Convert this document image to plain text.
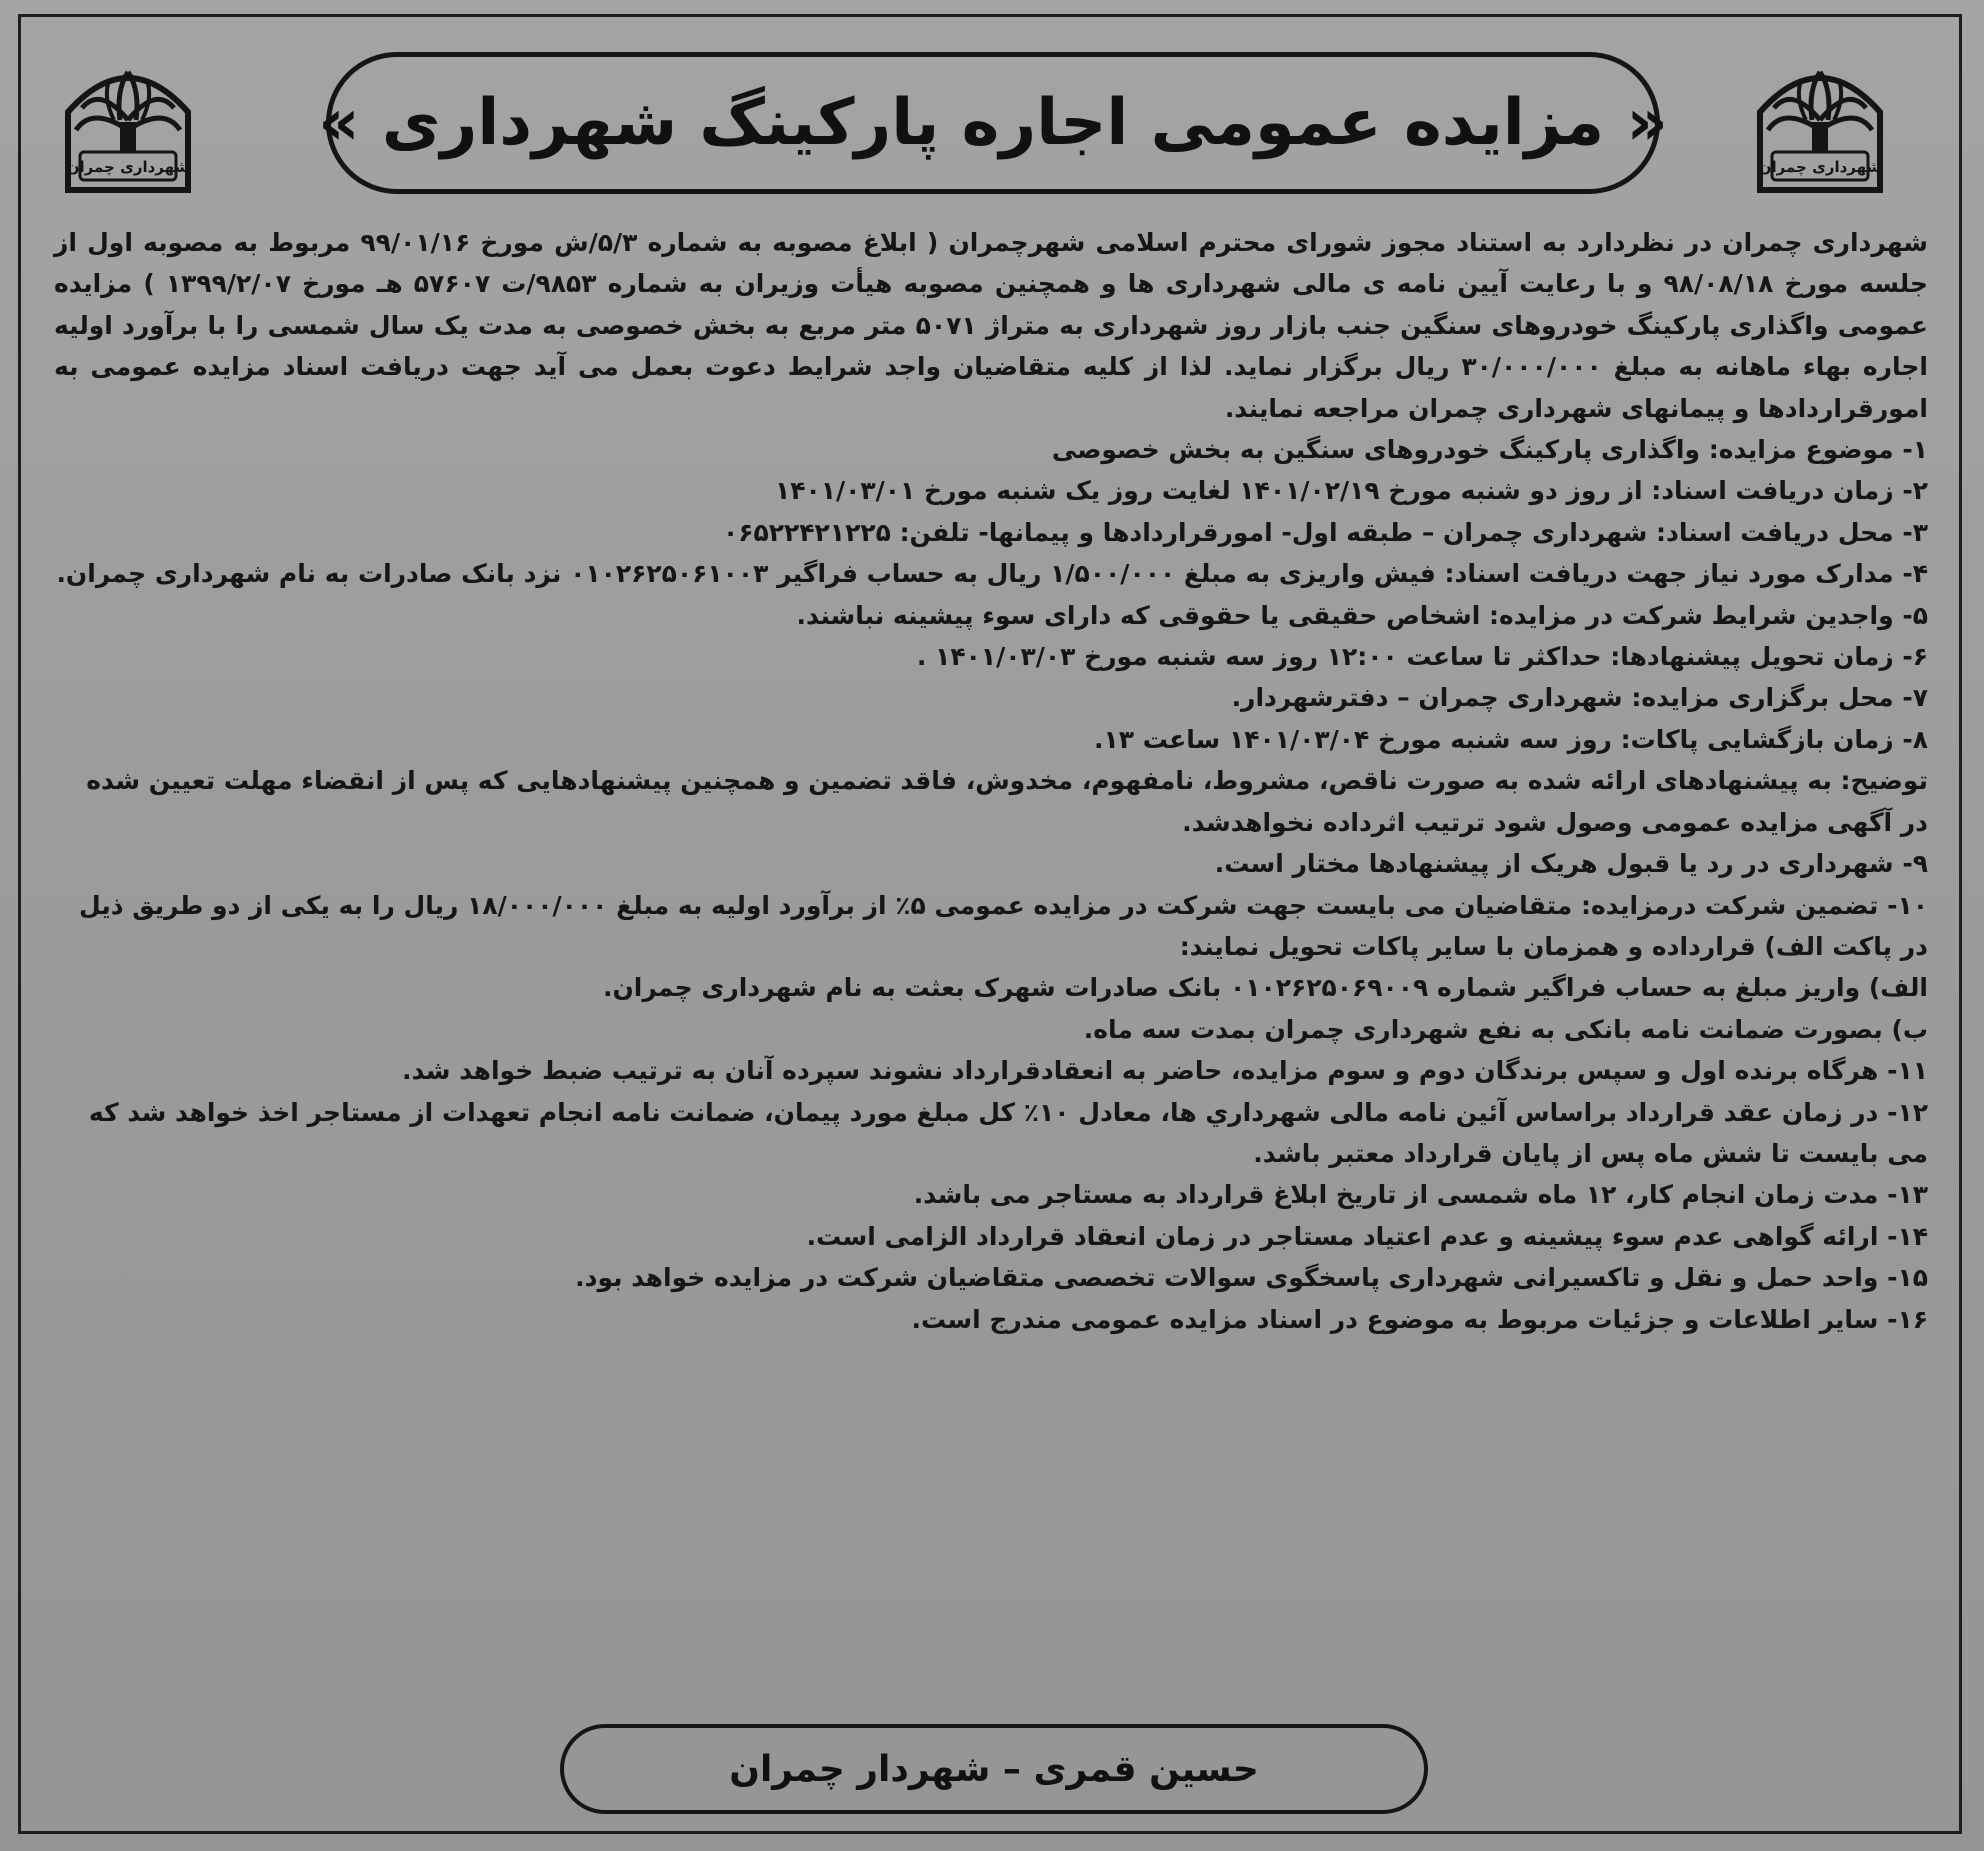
شهرداری چمران	شهرداری چمران
« مزایده عمومی اجاره پارکینگ شهرداری »

شهرداری چمران در نظردارد به استناد مجوز شورای محترم اسلامی شهرچمران ( ابلاغ مصوبه به شماره ۵/۳/ش مورخ ۹۹/۰۱/۱۶ مربوط به مصوبه اول از جلسه مورخ ۹۸/۰۸/۱۸ و با رعایت آیین نامه ی مالی شهرداری ها و همچنین مصوبه هیأت وزیران به شماره ۹۸۵۳/ت ۵۷۶۰۷ هـ مورخ ۱۳۹۹/۲/۰۷ ) مزایده عمومی واگذاری پارکینگ خودروهای سنگین جنب بازار روز شهرداری به متراژ ۵۰۷۱ متر مربع به بخش خصوصی به مدت یک سال شمسی را با برآورد اولیه اجاره بهاء ماهانه به مبلغ ۳۰/۰۰۰/۰۰۰ ریال برگزار نماید. لذا از کلیه متقاضیان واجد شرایط دعوت بعمل می آید جهت دریافت اسناد مزایده عمومی به امورقراردادها و پیمانهای شهرداری چمران مراجعه نمایند.

۱- موضوع مزایده: واگذاری پارکینگ خودروهای سنگین به بخش خصوصی

۲- زمان دریافت اسناد: از روز دو شنبه مورخ ۱۴۰۱/۰۲/۱۹ لغایت روز یک شنبه مورخ ۱۴۰۱/۰۳/۰۱

۳- محل دریافت اسناد: شهرداری چمران – طبقه اول- امورقراردادها و پیمانها- تلفن: ۰۶۵۲۲۴۲۱۲۲۵

۴- مدارک مورد نیاز جهت دریافت اسناد: فیش واریزی به مبلغ ۱/۵۰۰/۰۰۰ ریال به حساب فراگیر ۰۱۰۲۶۲۵۰۶۱۰۰۳ نزد بانک صادرات به نام شهرداری چمران.

۵- واجدین شرایط شرکت در مزایده: اشخاص حقیقی یا حقوقی که دارای سوء پیشینه نباشند.

۶- زمان تحویل پیشنهادها: حداکثر تا ساعت ۱۲:۰۰ روز سه شنبه مورخ ۱۴۰۱/۰۳/۰۳ .

۷- محل برگزاری مزایده: شهرداری چمران – دفترشهردار.

۸- زمان بازگشایی پاکات: روز سه شنبه مورخ ۱۴۰۱/۰۳/۰۴ ساعت ۱۳.

توضیح: به پیشنهادهای ارائه شده به صورت ناقص، مشروط، نامفهوم، مخدوش، فاقد تضمین و همچنین پیشنهادهایی که پس از انقضاء مهلت تعیین شده در آگهی مزایده عمومی وصول شود ترتیب اثرداده نخواهدشد.

۹- شهرداری در رد یا قبول هریک از پیشنهادها مختار است.

۱۰- تضمین شرکت درمزایده: متقاضیان می بایست جهت شرکت در مزایده عمومی ۵٪ از برآورد اولیه به مبلغ ۱۸/۰۰۰/۰۰۰ ریال را به یکی از دو طریق ذیل در پاکت الف) قرارداده و همزمان با سایر پاکات تحویل نمایند:

الف) واریز مبلغ به حساب فراگیر شماره ۰۱۰۲۶۲۵۰۶۹۰۰۹ بانک صادرات شهرک بعثت به نام شهرداری چمران.

ب) بصورت ضمانت نامه بانکی به نفع شهرداری چمران بمدت سه ماه.

۱۱- هرگاه برنده اول و سپس برندگان دوم و سوم مزایده، حاضر به انعقادقرارداد نشوند سپرده آنان به ترتیب ضبط خواهد شد.

۱۲- در زمان عقد قرارداد براساس آئین نامه مالی شهرداري ها، معادل ۱۰٪ کل مبلغ مورد پیمان، ضمانت نامه انجام تعهدات از مستاجر اخذ خواهد شد که می بایست تا شش ماه پس از پایان قرارداد معتبر باشد.

۱۳- مدت زمان انجام کار، ۱۲ ماه شمسی از تاریخ ابلاغ قرارداد به مستاجر می باشد.

۱۴- ارائه گواهی عدم سوء پیشینه و عدم اعتیاد مستاجر در زمان انعقاد قرارداد الزامی است.

۱۵- واحد حمل و نقل و تاکسیرانی شهرداری پاسخگوی سوالات تخصصی متقاضیان شرکت در مزایده خواهد بود.

۱۶- سایر اطلاعات و جزئیات مربوط به موضوع در اسناد مزایده عمومی مندرج است.

حسین قمری – شهردار چمران
